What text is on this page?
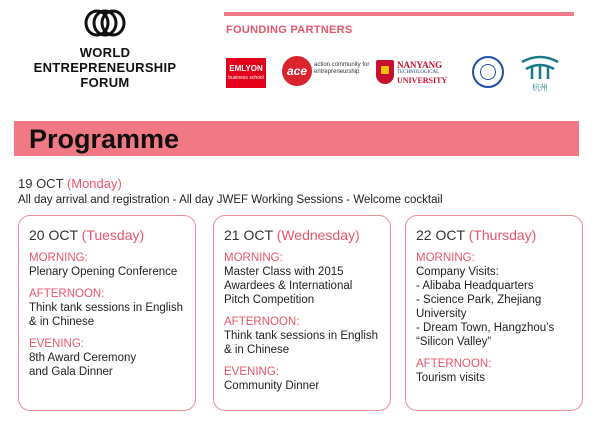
WORLD
ENTREPRENEURSHIP
FORUM
FOUNDING PARTNERS
EMLYON
business school	ace	action community for entrepreneurship
NANYANG
TECHNOLOGICAL
UNIVERSITY
杭州
Programme
19 OCT (Monday)
All day arrival and registration - All day JWEF Working Sessions - Welcome cocktail
20 OCT (Tuesday)
MORNING:
Plenary Opening Conference
AFTERNOON:
Think tank sessions in English
& in Chinese
EVENING:
8th Award Ceremony
and Gala Dinner
21 OCT (Wednesday)
MORNING:
Master Class with 2015
Awardees & International
Pitch Competition
AFTERNOON:
Think tank sessions in English
& in Chinese
EVENING:
Community Dinner
22 OCT (Thursday)
MORNING:
Company Visits:
- Alibaba Headquarters
- Science Park, Zhejiang
University
- Dream Town, Hangzhou’s
“Silicon Valley”
AFTERNOON:
Tourism visits
